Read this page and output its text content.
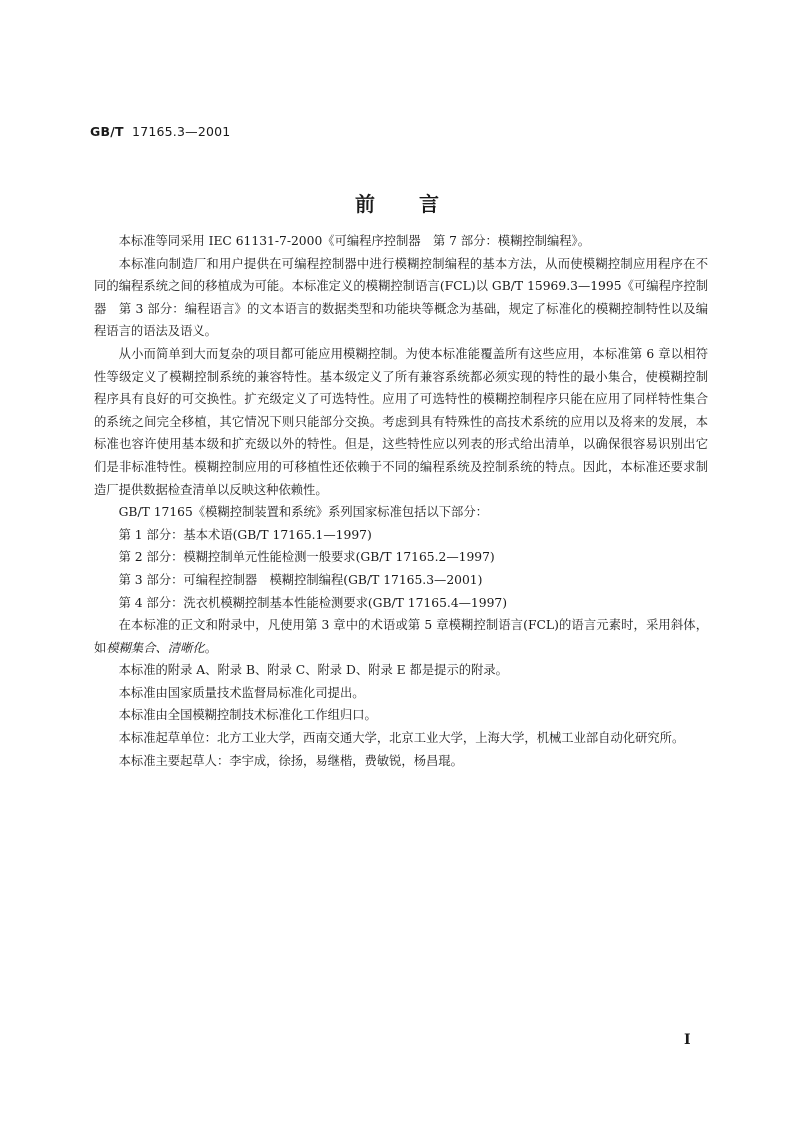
GB/T 17165.3—2001
前言

本标准等同采用 IEC 61131-7-2000《可编程序控制器　第 7 部分：模糊控制编程》。

本标准向制造厂和用户提供在可编程控制器中进行模糊控制编程的基本方法，从而使模糊控制应用程序在不同的编程系统之间的移植成为可能。本标准定义的模糊控制语言(FCL)以 GB/T 15969.3—1995《可编程序控制器　第 3 部分：编程语言》的文本语言的数据类型和功能块等概念为基础，规定了标准化的模糊控制特性以及编程语言的语法及语义。

从小而简单到大而复杂的项目都可能应用模糊控制。为使本标准能覆盖所有这些应用，本标准第 6 章以相符性等级定义了模糊控制系统的兼容特性。基本级定义了所有兼容系统都必须实现的特性的最小集合，使模糊控制程序具有良好的可交换性。扩充级定义了可选特性。应用了可选特性的模糊控制程序只能在应用了同样特性集合的系统之间完全移植，其它情况下则只能部分交换。考虑到具有特殊性的高技术系统的应用以及将来的发展，本标准也容许使用基本级和扩充级以外的特性。但是，这些特性应以列表的形式给出清单，以确保很容易识别出它们是非标准特性。模糊控制应用的可移植性还依赖于不同的编程系统及控制系统的特点。因此，本标准还要求制造厂提供数据检查清单以反映这种依赖性。

GB/T 17165《模糊控制装置和系统》系列国家标准包括以下部分：

第 1 部分：基本术语(GB/T 17165.1—1997)

第 2 部分：模糊控制单元性能检测一般要求(GB/T 17165.2—1997)

第 3 部分：可编程控制器　模糊控制编程(GB/T 17165.3—2001)

第 4 部分：洗衣机模糊控制基本性能检测要求(GB/T 17165.4—1997)

在本标准的正文和附录中，凡使用第 3 章中的术语或第 5 章模糊控制语言(FCL)的语言元素时，采用斜体，如模糊集合、清晰化。

本标准的附录 A、附录 B、附录 C、附录 D、附录 E 都是提示的附录。

本标准由国家质量技术监督局标准化司提出。

本标准由全国模糊控制技术标准化工作组归口。

本标准起草单位：北方工业大学，西南交通大学，北京工业大学，上海大学，机械工业部自动化研究所。

本标准主要起草人：李宇成，徐扬，易继楷，费敏锐，杨昌琨。

I
